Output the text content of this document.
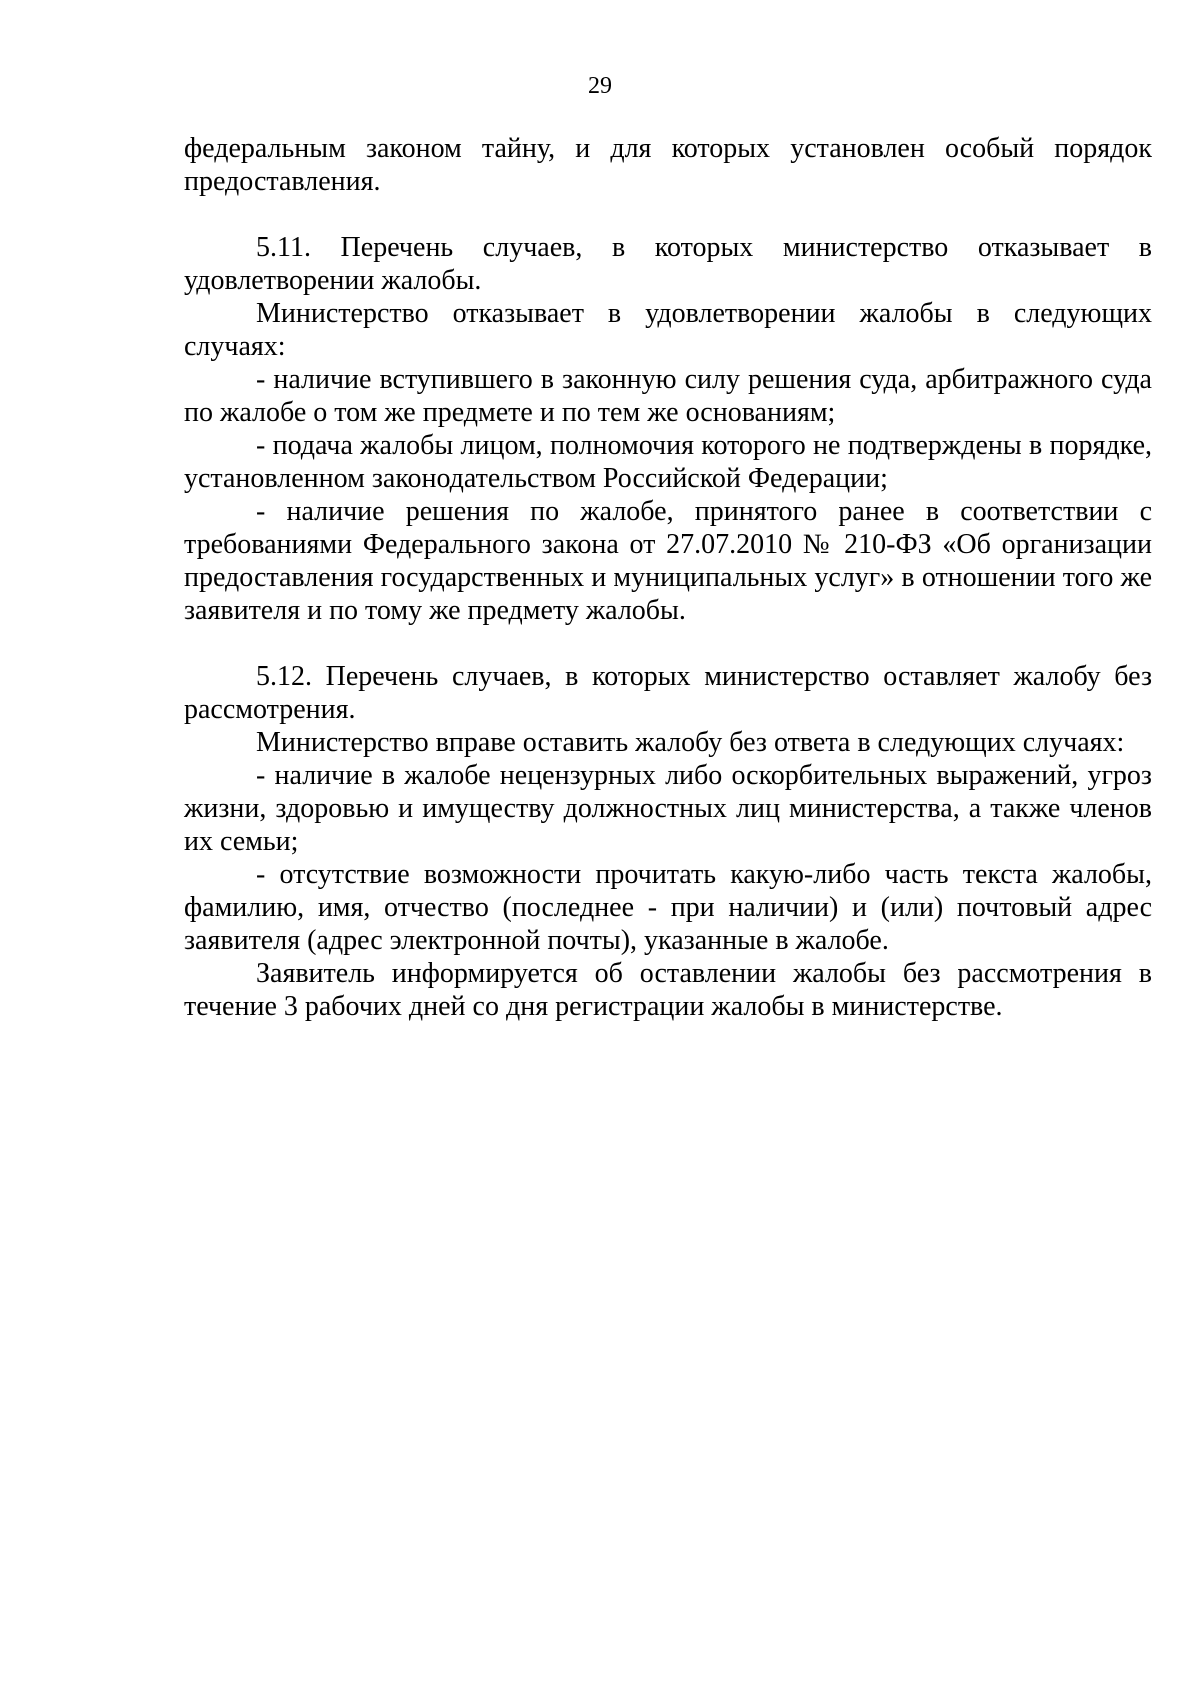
29

федеральным законом тайну, и для которых установлен особый порядок предоставления.

5.11. Перечень случаев, в которых министерство отказывает в удовлетворении жалобы.

Министерство отказывает в удовлетворении жалобы в следующих случаях:

- наличие вступившего в законную силу решения суда, арбитражного суда по жалобе о том же предмете и по тем же основаниям;

- подача жалобы лицом, полномочия которого не подтверждены в порядке, установленном законодательством Российской Федерации;

- наличие решения по жалобе, принятого ранее в соответствии с требованиями Федерального закона от 27.07.2010 № 210-ФЗ «Об организации предоставления государственных и муниципальных услуг» в отношении того же заявителя и по тому же предмету жалобы.

5.12. Перечень случаев, в которых министерство оставляет жалобу без рассмотрения.

Министерство вправе оставить жалобу без ответа в следующих случаях:

- наличие в жалобе нецензурных либо оскорбительных выражений, угроз жизни, здоровью и имуществу должностных лиц министерства, а также членов их семьи;

- отсутствие возможности прочитать какую-либо часть текста жалобы, фамилию, имя, отчество (последнее - при наличии) и (или) почтовый адрес заявителя (адрес электронной почты), указанные в жалобе.

Заявитель информируется об оставлении жалобы без рассмотрения в течение 3 рабочих дней со дня регистрации жалобы в министерстве.
